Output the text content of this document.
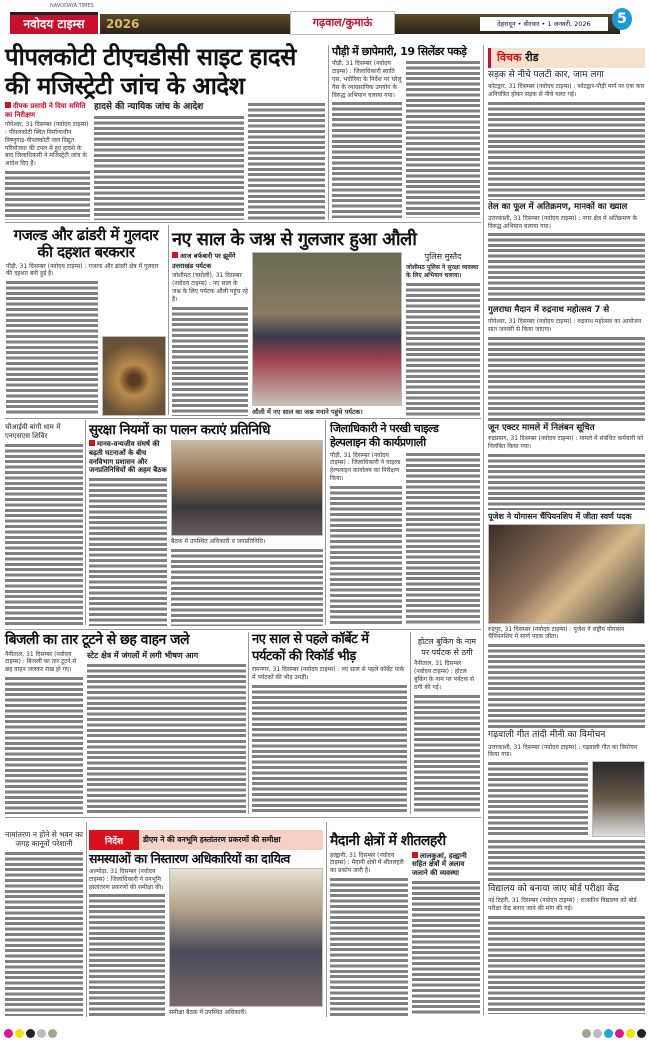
NAVODAYA TIMES
नवोदय टाइम्स	2026	गढ़वाल/कुमाऊं	देहरादून • वीरवार • 1 जनवरी, 2026	5
पीपलकोटी टीएचडीसी साइट हादसे
की मजिस्ट्रेटी जांच के आदेश
दीपक प्रसादी ने दिया समिति का निरीक्षण
गोपेश्वर, 31 दिसम्बर (नवोदय टाइम्स) : पीपलकोटी स्थित निर्माणाधीन विष्णुगाड़-पीपलकोटी जल विद्युत परियोजना की टनल में हुए हादसे के बाद जिलाधिकारी ने मजिस्ट्रेटी जांच के आदेश दिए हैं।
हादसे की न्यायिक जांच के आदेश
पौड़ी में छापेमारी, 19 सिलेंडर पकड़े
पौड़ी, 31 दिसम्बर (नवोदय टाइम्स) : जिलाधिकारी स्वाति एस. भदौरिया के निर्देश पर घरेलू गैस के व्यावसायिक उपयोग के विरुद्ध अभियान चलाया गया।
विचक रीड
सड़क से नीचे पलटी कार, जाम लगा
कोटद्वार, 31 दिसम्बर (नवोदय टाइम्स) : कोटद्वार-पौड़ी मार्ग पर एक कार अनियंत्रित होकर सड़क से नीचे पलट गई।
तेल का फूल में अतिक्रमण, मानकों का ख्याल
उत्तरकाशी, 31 दिसम्बर (नवोदय टाइम्स) : नगर क्षेत्र में अतिक्रमण के विरुद्ध अभियान चलाया गया।
गुलराघा मैदान में रुद्रनाथ महोत्सव 7 से
गोपेश्वर, 31 दिसम्बर (नवोदय टाइम्स) : रुद्रनाथ महोत्सव का आयोजन सात जनवरी से किया जाएगा।
जून एक्टर मामले में निलंबन सूचित
रुद्रप्रयाग, 31 दिसम्बर (नवोदय टाइम्स) : मामले में संबंधित कर्मचारी को निलंबित किया गया।
पूजेश ने योगासन चैंपियनशिप में जीता स्वर्ण पदक
रुद्रपुर, 31 दिसम्बर (नवोदय टाइम्स) : पूजेश ने राष्ट्रीय योगासन चैंपियनशिप में स्वर्ण पदक जीता।
गढ़वाली गीत तांदी मीनी का विमोचन
उत्तरकाशी, 31 दिसम्बर (नवोदय टाइम्स) : गढ़वाली गीत का विमोचन किया गया।
विद्यालय को बनाया जाए बोर्ड परीक्षा केंद्र
नई टिहरी, 31 दिसम्बर (नवोदय टाइम्स) : राजकीय विद्यालय को बोर्ड परीक्षा केंद्र बनाए जाने की मांग की गई।
गजल्ड और ढांडरी में गुलदार की दहशत बरकरार
पौड़ी, 31 दिसम्बर (नवोदय टाइम्स) : गजल्ड और ढांडरी क्षेत्र में गुलदार की दहशत बनी हुई है।
नए साल के जश्न से गुलजार हुआ औली
आज बर्फबारी पर झूमेंगे
उत्तराखंड पर्यटक
जोशीमठ (चमोली), 31 दिसम्बर (नवोदय टाइम्स) : नए साल के जश्न के लिए पर्यटक औली पहुंच रहे हैं।
औली में नए साल का जश्न मनाने पहुंचे पर्यटक।
पुलिस मुस्तैद
जोशीमठ पुलिस ने सुरक्षा व्यवस्था के लिए अभियान चलाया।
चौआईवी बांगी धाम में एनएसएस शिविर	सुरक्षा नियमों का पालन कराएं प्रतिनिधि
मानव-वन्यजीव संघर्ष की बढ़ती घटनाओं के बीच वनविभाग प्रशासन और जनप्रतिनिधियों की अहम बैठक
बैठक में उपस्थित अधिकारी व जनप्रतिनिधि।
जिलाधिकारी ने परखी चाइल्ड
हेल्पलाइन की कार्यप्रणाली
पौड़ी, 31 दिसम्बर (नवोदय टाइम्स) : जिलाधिकारी ने चाइल्ड हेल्पलाइन कार्यालय का निरीक्षण किया।
बिजली का तार टूटने से छह वाहन जले
नैनीताल, 31 दिसम्बर (नवोदय टाइम्स) : बिजली का तार टूटने से छह वाहन जलकर राख हो गए।
स्टेट क्षेत्र में जंगलों में लगी भीषण आग
नए साल से पहले कॉर्बेट में
पर्यटकों की रिकॉर्ड भीड़
रामनगर, 31 दिसम्बर (नवोदय टाइम्स) : नए साल से पहले कॉर्बेट पार्क में पर्यटकों की भीड़ उमड़ी।
होटल बुकिंग के नाम पर पर्यटक से ठगी
नैनीताल, 31 दिसम्बर (नवोदय टाइम्स) : होटल बुकिंग के नाम पर पर्यटक से ठगी की गई।
नामांतरण न होने से भवन का जगह कानूनों परेशानी	निर्देश	डीएम ने की वनभूमि हस्तांतरण प्रकरणों की समीक्षा
समस्याओं का निस्तारण अधिकारियों का दायित्व
अल्मोड़ा, 31 दिसम्बर (नवोदय टाइम्स) : जिलाधिकारी ने वनभूमि हस्तांतरण प्रकरणों की समीक्षा की।
समीक्षा बैठक में उपस्थित अधिकारी।
मैदानी क्षेत्रों में शीतलहरी
हल्द्वानी, 31 दिसम्बर (नवोदय टाइम्स) : मैदानी क्षेत्रों में शीतलहरी का प्रकोप जारी है।
लालकुआं, हल्द्वानी सहित क्षेत्रों में अलाव जलाने की व्यवस्था
